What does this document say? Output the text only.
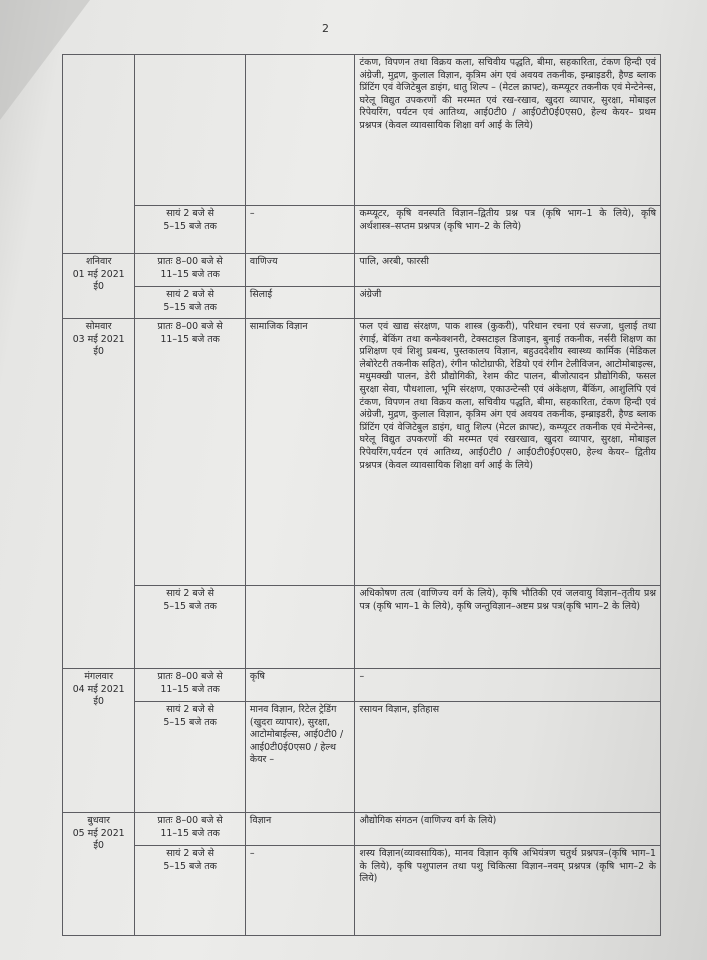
2
			टंकण, विपणन तथा विक्रय कला, सचिवीय पद्धति, बीमा, सहकारिता, टंकण हिन्दी एवं अंग्रेजी, मुद्रण, कुलाल विज्ञान, कृत्रिम अंग एवं अवयव तकनीक, इम्ब्राइडरी, हैण्ड ब्लाक प्रिंटिंग एवं वेजिटेबुल डाइंग, धातु शिल्प – (मेटल क्राफ्ट), कम्प्यूटर तकनीक एवं मेन्टेनेन्स, घरेलू विद्युत उपकरणों की मरम्मत एवं रख-रखाव, खुदरा व्यापार, सुरक्षा, मोबाइल रिपेयरिंग, पर्यटन एवं आतिथ्य, आई0टी0 / आई0टी0ई0एस0, हेल्थ केयर– प्रथम प्रश्नपत्र (केवल व्यावसायिक शिक्षा वर्ग आई के लिये)

	सायं 2 बजे से
5–15 बजे तक	–	कम्प्यूटर, कृषि वनस्पति विज्ञान–द्वितीय प्रश्न पत्र (कृषि भाग–1 के लिये), कृषि अर्थशास्त्र–सप्तम प्रश्नपत्र (कृषि भाग–2 के लिये)

शनिवार
01 मई 2021 ई0	प्रातः 8–00 बजे से
11–15 बजे तक	वाणिज्य	पालि, अरबी, फारसी

	सायं 2 बजे से
5–15 बजे तक	सिलाई	अंग्रेजी

सोमवार
03 मई 2021 ई0	प्रातः 8–00 बजे से
11–15 बजे तक	सामाजिक विज्ञान	फल एवं खाद्य संरक्षण, पाक शास्त्र (कुकरी), परिधान रचना एवं सज्जा, धुलाई तथा रंगाई, बेकिंग तथा कन्फेक्शनरी, टेक्सटाइल डिजाइन, बुनाई तकनीक, नर्सरी शिक्षण का प्रशिक्षण एवं शिशु प्रबन्ध, पुस्तकालय विज्ञान, बहुउददेशीय स्वास्थ्य कार्मिक (मेडिकल लेबोरेटरी तकनीक सहित), रंगीन फोटोग्राफी, रेडियो एवं रंगीन टेलीविजन, आटोमोबाइल्स, मधुमक्खी पालन, डेरी प्रौद्योगिकी, रेशम कीट पालन, बीजोत्पादन प्रौद्योगिकी, फसल सुरक्षा सेवा, पौधशाला, भूमि संरक्षण, एकाउन्टेन्सी एवं अंकेक्षण, बैंकिंग, आशुलिपि एवं टंकण, विपणन तथा विक्रय कला, सचिवीय पद्धति, बीमा, सहकारिता, टंकण हिन्दी एवं अंग्रेजी, मुद्रण, कुलाल विज्ञान, कृत्रिम अंग एवं अवयव तकनीक, इम्ब्राइडरी, हैण्ड ब्लाक प्रिंटिंग एवं वेजिटेबुल डाइंग, धातु शिल्प (मेटल क्राफ्ट), कम्प्यूटर तकनीक एवं मेन्टेनेन्स, घरेलू विद्युत उपकरणों की मरम्मत एवं रखरखाव, खुदरा व्यापार, सुरक्षा, मोबाइल रिपेयरिंग,पर्यटन एवं आतिथ्य, आई0टी0 / आई0टी0ई0एस0, हेल्थ केयर– द्वितीय प्रश्नपत्र (केवल व्यावसायिक शिक्षा वर्ग आई के लिये)

	सायं 2 बजे से
5–15 बजे तक		अधिकोषण तत्व (वाणिज्य वर्ग के लिये), कृषि भौतिकी एवं जलवायु विज्ञान–तृतीय प्रश्न पत्र (कृषि भाग–1 के लिये), कृषि जन्तुविज्ञान–अष्टम प्रश्न पत्र(कृषि भाग–2 के लिये)

मंगलवार
04 मई 2021 ई0	प्रातः 8–00 बजे से
11–15 बजे तक	कृषि	–

	सायं 2 बजे से
5–15 बजे तक	मानव विज्ञान, रिटेल ट्रेडिंग (खुदरा व्यापार), सुरक्षा, आटोमोबाईल्स, आई0टी0 / आई0टी0ई0एस0 / हेल्थ केयर –	रसायन विज्ञान, इतिहास

बुधवार
05 मई 2021 ई0	प्रातः 8–00 बजे से
11–15 बजे तक	विज्ञान	औद्योगिक संगठन (वाणिज्य वर्ग के लिये)

	सायं 2 बजे से
5–15 बजे तक	–	शस्य विज्ञान(व्यावसायिक), मानव विज्ञान कृषि अभियंत्रण चतुर्थ प्रश्नपत्र–(कृषि भाग–1 के लिये), कृषि पशुपालन तथा पशु चिकित्सा विज्ञान–नवम् प्रश्नपत्र (कृषि भाग–2 के लिये)
